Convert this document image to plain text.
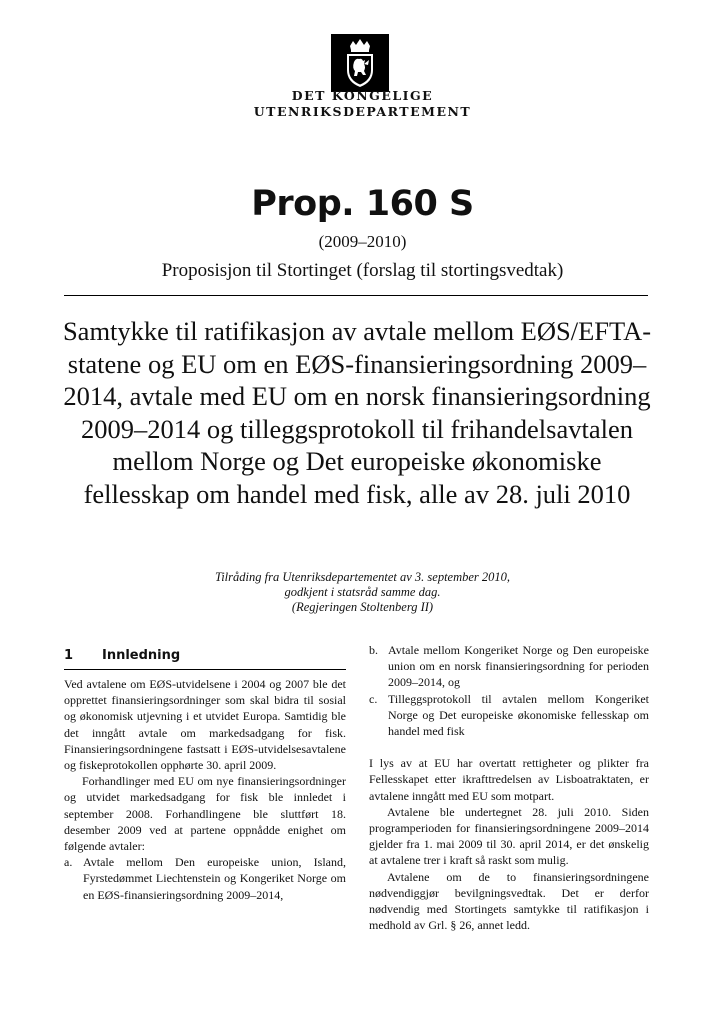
DET KONGELIGE
UTENRIKSDEPARTEMENT
Prop. 160 S
(2009–2010)
Proposisjon til Stortinget (forslag til stortingsvedtak)
Samtykke til ratifikasjon av avtale mellom EØS/EFTA-statene og EU om en EØS-finansieringsordning 2009–2014, avtale med EU om en norsk finansieringsordning 2009–2014 og tilleggsprotokoll til frihandelsavtalen mellom Norge og Det europeiske økonomiske fellesskap om handel med fisk, alle av 28. juli 2010
Tilråding fra Utenriksdepartementet av 3. september 2010,
godkjent i statsråd samme dag.
(Regjeringen Stoltenberg II)
1 Innledning

Ved avtalene om EØS-utvidelsene i 2004 og 2007 ble det opprettet finansieringsordninger som skal bidra til sosial og økonomisk utjevning i et utvidet Europa. Samtidig ble det inngått avtale om markedsadgang for fisk. Finansieringsordningene fastsatt i EØS-utvidelsesavtalene og fiskeprotokollen opphørte 30. april 2009.

Forhandlinger med EU om nye finansieringsordninger og utvidet markedsadgang for fisk ble innledet i september 2008. Forhandlingene ble sluttført 18. desember 2009 ved at partene oppnådde enighet om følgende avtaler:

a. Avtale mellom Den europeiske union, Island, Fyrstedømmet Liechtenstein og Kongeriket Norge om en EØS-finansieringsordning 2009–2014,
b. Avtale mellom Kongeriket Norge og Den europeiske union om en norsk finansieringsordning for perioden 2009–2014, og
c. Tilleggsprotokoll til avtalen mellom Kongeriket Norge og Det europeiske økonomiske fellesskap om handel med fisk

I lys av at EU har overtatt rettigheter og plikter fra Fellesskapet etter ikrafttredelsen av Lisboatraktaten, er avtalene inngått med EU som motpart.

Avtalene ble undertegnet 28. juli 2010. Siden programperioden for finansieringsordningene 2009–2014 gjelder fra 1. mai 2009 til 30. april 2014, er det ønskelig at avtalene trer i kraft så raskt som mulig.

Avtalene om de to finansieringsordningene nødvendiggjør bevilgningsvedtak. Det er derfor nødvendig med Stortingets samtykke til ratifikasjon i medhold av Grl. § 26, annet ledd.
